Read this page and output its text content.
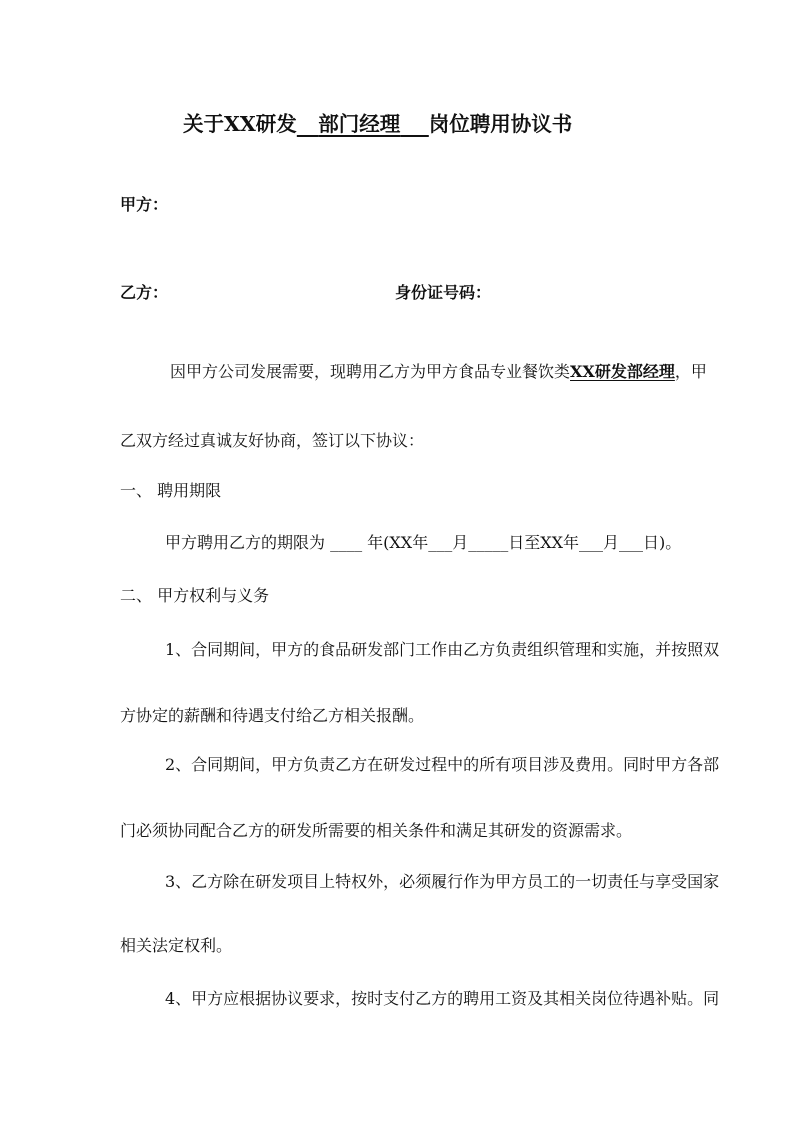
关于XX研发 部门经理 岗位聘用协议书
甲方：
乙方：	身份证号码：
因甲方公司发展需要，现聘用乙方为甲方食品专业餐饮类XX研发部经理，甲
乙双方经过真诚友好协商，签订以下协议：
一、 聘用期限
甲方聘用乙方的期限为 ____ 年(XX年___月_____日至XX年___月___日)。
二、 甲方权利与义务
1、合同期间，甲方的食品研发部门工作由乙方负责组织管理和实施，并按照双
方协定的薪酬和待遇支付给乙方相关报酬。
2、合同期间，甲方负责乙方在研发过程中的所有项目涉及费用。同时甲方各部
门必须协同配合乙方的研发所需要的相关条件和满足其研发的资源需求。
3、乙方除在研发项目上特权外，必须履行作为甲方员工的一切责任与享受国家
相关法定权利。
4、甲方应根据协议要求，按时支付乙方的聘用工资及其相关岗位待遇补贴。同
